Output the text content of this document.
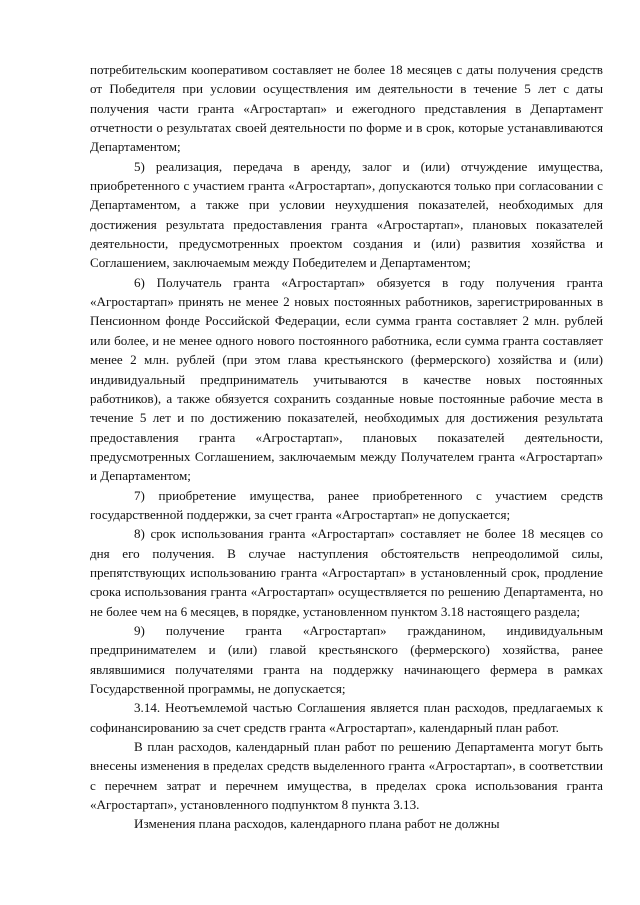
потребительским кооперативом составляет не более 18 месяцев с даты получения средств от Победителя при условии осуществления им деятельности в течение 5 лет с даты получения части гранта «Агростартап» и ежегодного представления в Департамент отчетности о результатах своей деятельности по форме и в срок, которые устанавливаются Департаментом;

5) реализация, передача в аренду, залог и (или) отчуждение имущества, приобретенного с участием гранта «Агростартап», допускаются только при согласовании с Департаментом, а также при условии неухудшения показателей, необходимых для достижения результата предоставления гранта «Агростартап», плановых показателей деятельности, предусмотренных проектом создания и (или) развития хозяйства и Соглашением, заключаемым между Победителем и Департаментом;

6) Получатель гранта «Агростартап» обязуется в году получения гранта «Агростартап» принять не менее 2 новых постоянных работников, зарегистрированных в Пенсионном фонде Российской Федерации, если сумма гранта составляет 2 млн. рублей или более, и не менее одного нового постоянного работника, если сумма гранта составляет менее 2 млн. рублей (при этом глава крестьянского (фермерского) хозяйства и (или) индивидуальный предприниматель учитываются в качестве новых постоянных работников), а также обязуется сохранить созданные новые постоянные рабочие места в течение 5 лет и по достижению показателей, необходимых для достижения результата предоставления гранта «Агростартап», плановых показателей деятельности, предусмотренных Соглашением, заключаемым между Получателем гранта «Агростартап» и Департаментом;

7) приобретение имущества, ранее приобретенного с участием средств государственной поддержки, за счет гранта «Агростартап» не допускается;

8) срок использования гранта «Агростартап» составляет не более 18 месяцев со дня его получения. В случае наступления обстоятельств непреодолимой силы, препятствующих использованию гранта «Агростартап» в установленный срок, продление срока использования гранта «Агростартап» осуществляется по решению Департамента, но не более чем на 6 месяцев, в порядке, установленном пунктом 3.18 настоящего раздела;

9) получение гранта «Агростартап» гражданином, индивидуальным предпринимателем и (или) главой крестьянского (фермерского) хозяйства, ранее являвшимися получателями гранта на поддержку начинающего фермера в рамках Государственной программы, не допускается;

3.14. Неотъемлемой частью Соглашения является план расходов, предлагаемых к софинансированию за счет средств гранта «Агростартап», календарный план работ.

В план расходов, календарный план работ по решению Департамента могут быть внесены изменения в пределах средств выделенного гранта «Агростартап», в соответствии с перечнем затрат и перечнем имущества, в пределах срока использования гранта «Агростартап», установленного подпунктом 8 пункта 3.13.

Изменения плана расходов, календарного плана работ не должны
